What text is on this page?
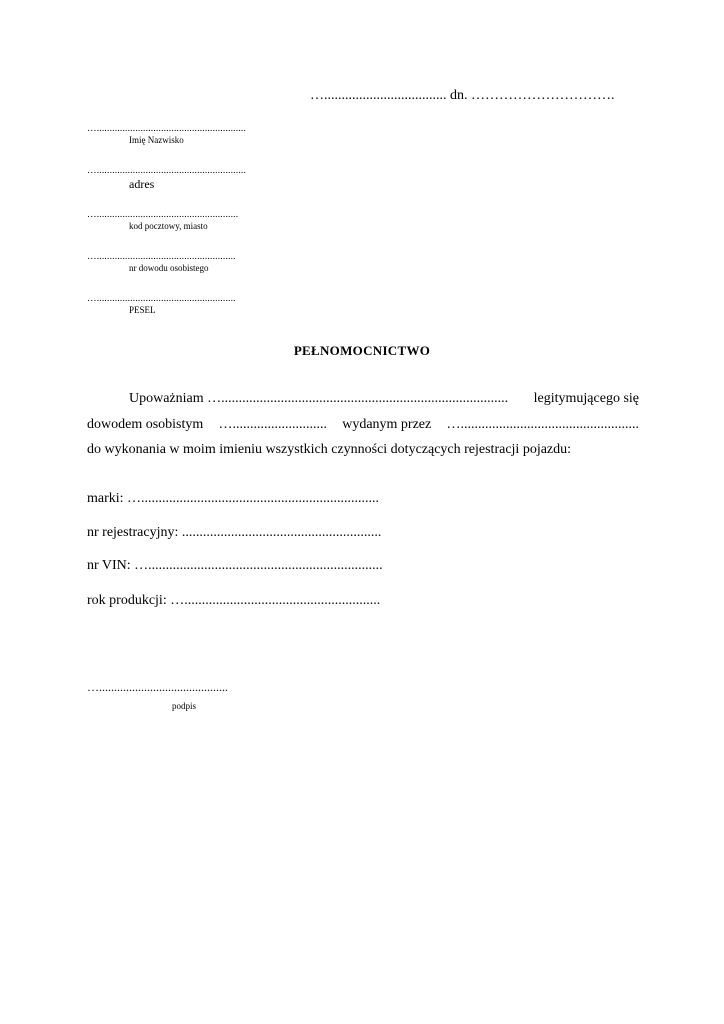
…................................... dn. ………………………….
…..........................................................
Imię Nazwisko
…..........................................................
adres
….......................................................
kod pocztowy, miasto
…......................................................
nr dowodu osobistego
…......................................................
PESEL
PEŁNOMOCNICTWO
Upoważniam ….................................................................................. legitymującego się
dowodem osobistym …........................... wydanym przez …...................................................
do wykonania w moim imieniu wszystkich czynności dotyczących rejestracji pojazdu:
marki: …....................................................................
nr rejestracyjny: .........................................................
nr VIN: …...................................................................
rok produkcji: …........................................................
…...........................................
podpis
